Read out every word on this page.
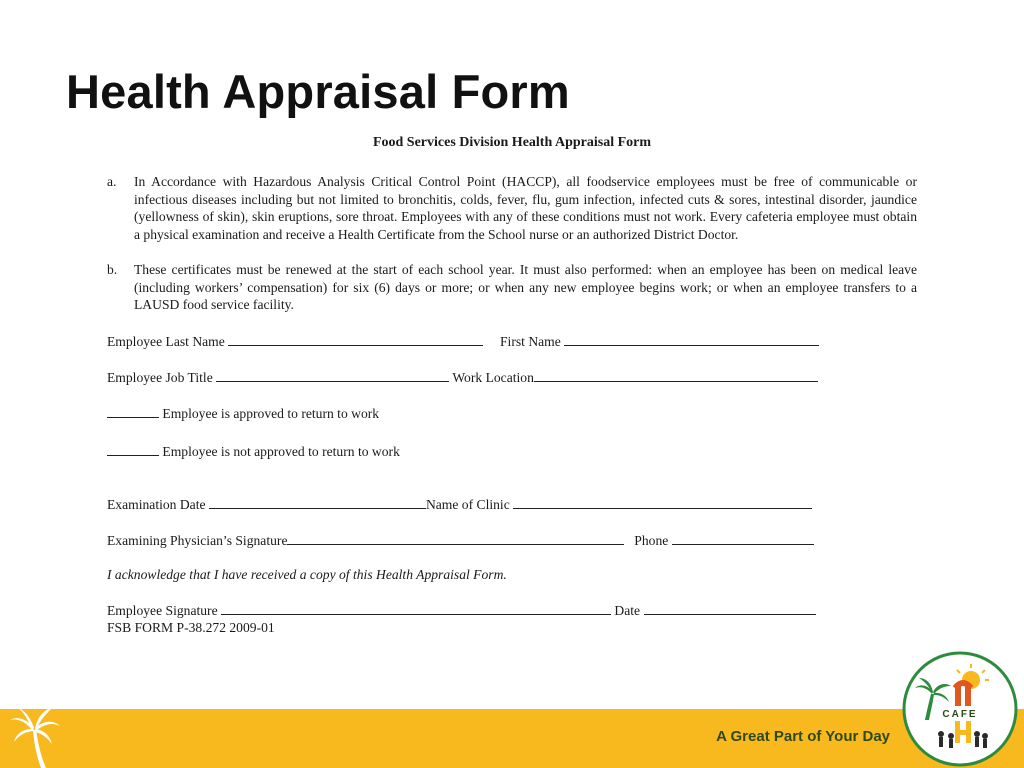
Health Appraisal Form
Food Services Division Health Appraisal Form
a. In Accordance with Hazardous Analysis Critical Control Point (HACCP), all foodservice employees must be free of communicable or infectious diseases including but not limited to bronchitis, colds, fever, flu, gum infection, infected cuts & sores, intestinal disorder, jaundice (yellowness of skin), skin eruptions, sore throat. Employees with any of these conditions must not work. Every cafeteria employee must obtain a physical examination and receive a Health Certificate from the School nurse or an authorized District Doctor.
b. These certificates must be renewed at the start of each school year. It must also performed: when an employee has been on medical leave (including workers’ compensation) for six (6) days or more; or when any new employee begins work; or when an employee transfers to a LAUSD food service facility.
Employee Last Name	First Name
Employee Job Title	Work Location
Employee is approved to return to work
Employee is not approved to return to work
Examination Date	Name of Clinic
Examining Physician’s Signature	Phone
I acknowledge that I have received a copy of this Health Appraisal Form.
Employee Signature	Date
FSB FORM P-38.272 2009-01
A Great Part of Your Day
CAFE
